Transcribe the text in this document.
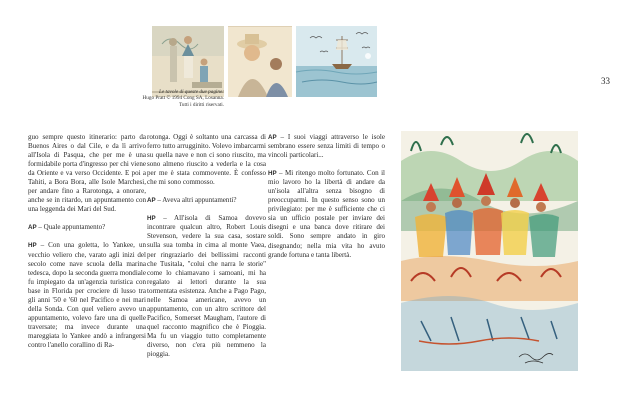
33
Le tavole di queste due pagine:
Hugo Pratt © 1994 Cong SA, Losanna.
Tutti i diritti riservati.

guo sempre questo itinerario: parto da Buenos Aires o dal Cile, e da lì arrivo all'Isola di Pasqua, che per me è una formidabile porta d'ingresso per chi viene da Oriente e va verso Occidente. E poi a Tahiti, a Bora Bora, alle Isole Marchesi, per andare fino a Rarotonga, a onorare, anche se in ritardo, un appuntamento con una leggenda dei Mari del Sud.

AP – Quale appuntamento?

HP – Con una goletta, lo Yankee, un vecchio veliero che, varato agli inizi del secolo come nave scuola della marina tedesca, dopo la seconda guerra mondiale fu impiegato da un'agenzia turistica con base in Florida per crociere di lusso tra gli anni '50 e '60 nel Pacifico e nei mari della Sonda. Con quel veliero avevo un appuntamento, volevo fare una di quelle traversate; ma invece durante una mareggiata lo Yankee andò a infrangersi contro l'anello corallino di Ra-

rotonga. Oggi è soltanto una carcassa di ferro tutto arrugginito. Volevo imbarcarmi su quella nave e non ci sono riuscito, ma sono almeno riuscito a vederla e la cosa per me è stata commovente. È confesso che mi sono commosso.

AP – Aveva altri appuntamenti?

HP – All'isola di Samoa dovevo incontrare qualcun altro, Robert Louis Stevenson, vedere la sua casa, sostare sulla sua tomba in cima al monte Vaea, per ringraziarlo dei bellissimi racconti che Tusitala, "colui che narra le storie" come lo chiamavano i samoani, mi ha regalato ai lettori durante la sua tormentata esistenza. Anche a Pago Pago, nelle Samoa americane, avevo un appuntamento, con un altro scrittore del Pacifico, Somerset Maugham, l'autore di quel racconto magnifico che è Pioggia. Ma fu un viaggio tutto completamente diverso, non c'era più nemmeno la pioggia.

AP – I suoi viaggi attraverso le isole sembrano essere senza limiti di tempo o vincoli particolari...

HP – Mi ritengo molto fortunato. Con il mio lavoro ho la libertà di andare da un'isola all'altra senza bisogno di preoccuparmi. In questo senso sono un privilegiato: per me è sufficiente che ci sia un ufficio postale per inviare dei disegni e una banca dove ritirare dei soldi. Sono sempre andato in giro disegnando; nella mia vita ho avuto grande fortuna e tanta libertà.
